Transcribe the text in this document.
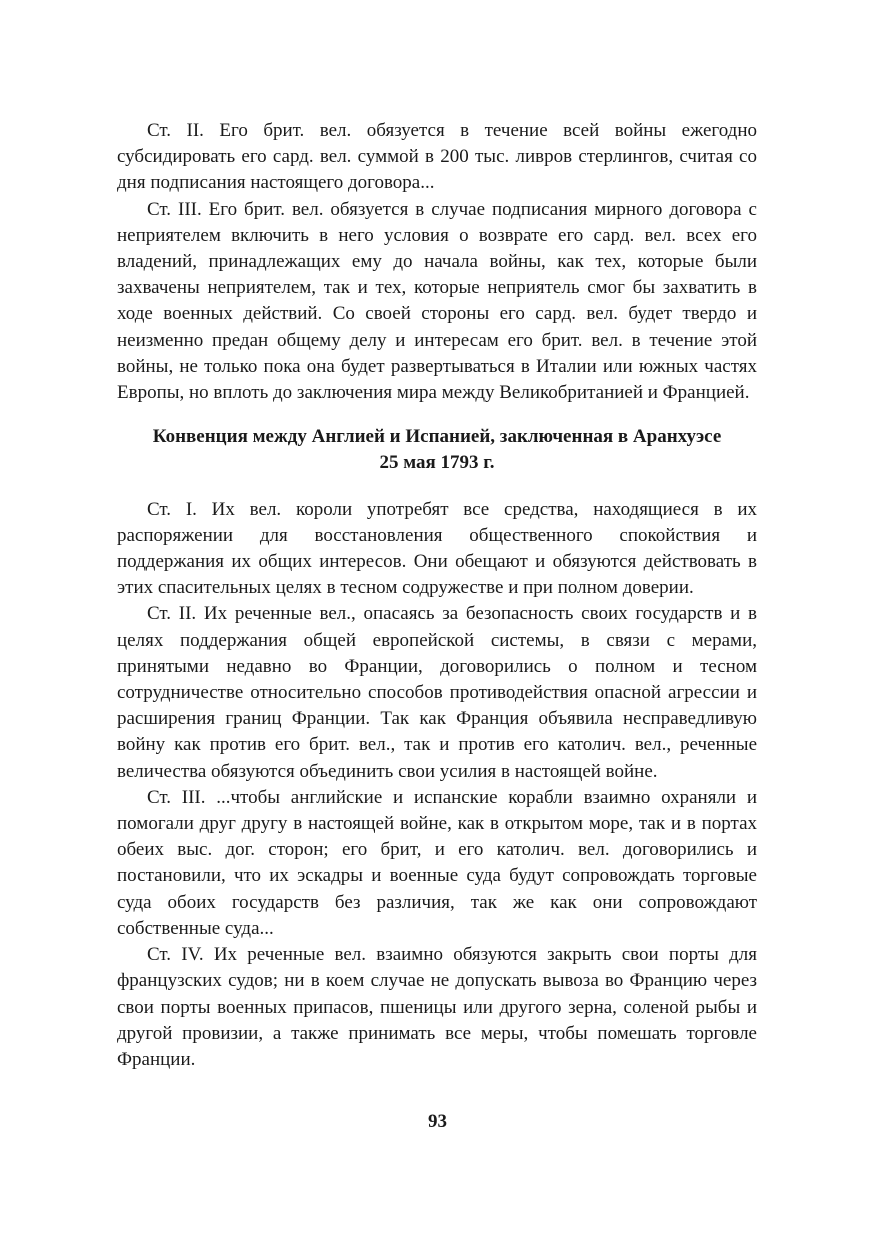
Ст. II. Его брит. вел. обязуется в течение всей войны ежегодно субсидировать его сард. вел. суммой в 200 тыс. ливров стерлингов, считая со дня подписания настоящего договора...

Ст. III. Его брит. вел. обязуется в случае подписания мирного договора с неприятелем включить в него условия о возврате его сард. вел. всех его владений, принадлежащих ему до начала войны, как тех, которые были захвачены неприятелем, так и тех, которые неприятель смог бы захватить в ходе военных действий. Со своей стороны его сард. вел. будет твердо и неизменно предан общему делу и интересам его брит. вел. в течение этой войны, не только пока она будет развертываться в Италии или южных частях Европы, но вплоть до заключения мира между Великобританией и Францией.

Конвенция между Англией и Испанией, заключенная в Аранхуэсе
25 мая 1793 г.

Ст. I. Их вел. короли употребят все средства, находящиеся в их распоряжении для восстановления общественного спокойствия и поддержания их общих интересов. Они обещают и обязуются действовать в этих спасительных целях в тесном содружестве и при полном доверии.

Ст. II. Их реченные вел., опасаясь за безопасность своих государств и в целях поддержания общей европейской системы, в связи с мерами, принятыми недавно во Франции, договорились о полном и тесном сотрудничестве относительно способов противодействия опасной агрессии и расширения границ Франции. Так как Франция объявила несправедливую войну как против его брит. вел., так и против его католич. вел., реченные величества обязуются объединить свои усилия в настоящей войне.

Ст. III. ...чтобы английские и испанские корабли взаимно охраняли и помогали друг другу в настоящей войне, как в открытом море, так и в портах обеих выс. дог. сторон; его брит, и его католич. вел. договорились и постановили, что их эскадры и военные суда будут сопровождать торговые суда обоих государств без различия, так же как они сопровождают собственные суда...

Ст. IV. Их реченные вел. взаимно обязуются закрыть свои порты для французских судов; ни в коем случае не допускать вывоза во Францию через свои порты военных припасов, пшеницы или другого зерна, соленой рыбы и другой провизии, а также принимать все меры, чтобы помешать торговле Франции.

93
